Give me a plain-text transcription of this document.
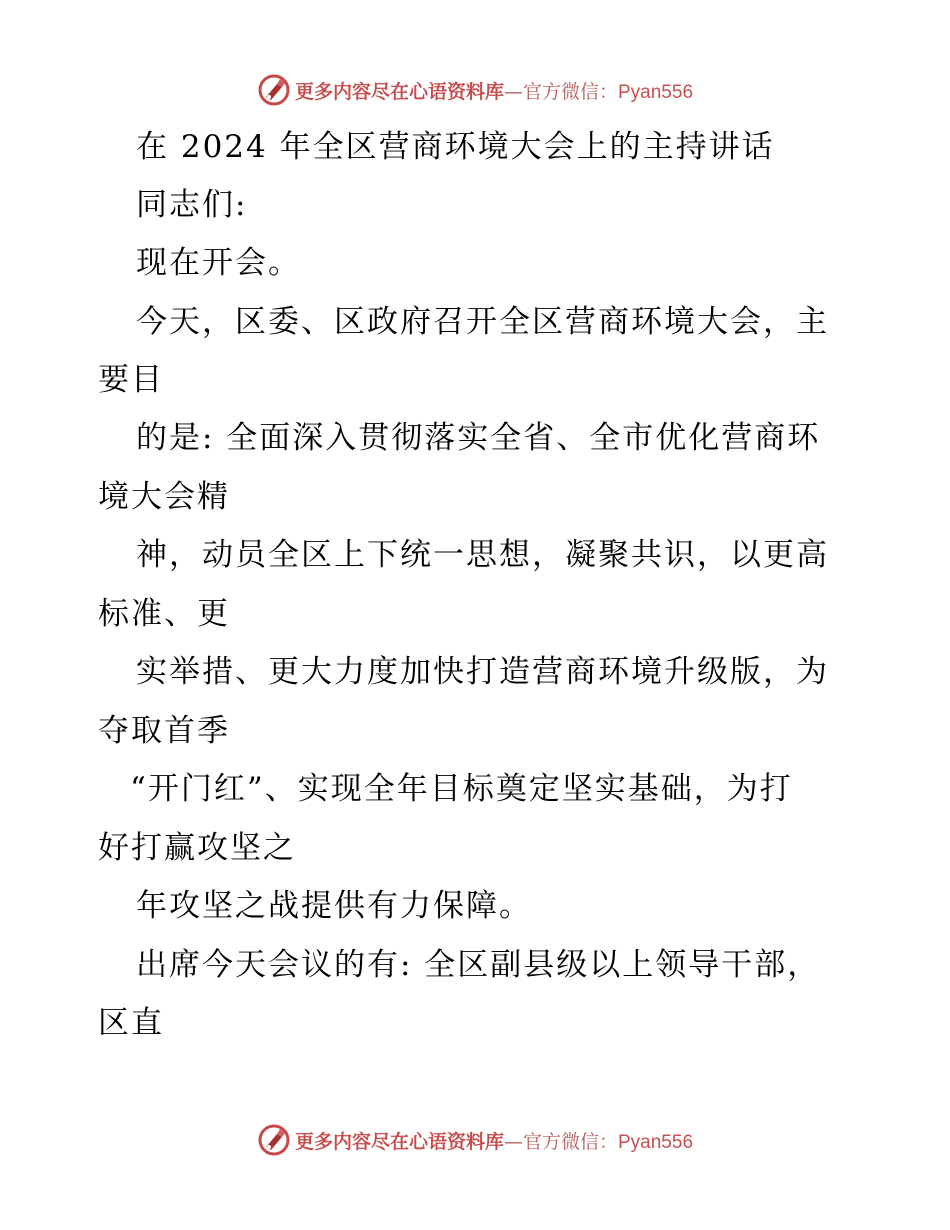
更多内容尽在心语资料库 — 官方微信： Pyan556
在 2024 年全区营商环境大会上的主持讲话
同志们:
现在开会。
今天，区委、区政府召开全区营商环境大会，主
要目
的是: 全面深入贯彻落实全省、全市优化营商环
境大会精
神，动员全区上下统一思想，凝聚共识，以更高
标准、更
实举措、更大力度加快打造营商环境升级版，为
夺取首季
“开门红”、实现全年目标奠定坚实基础，为打
好打赢攻坚之
年攻坚之战提供有力保障。
出席今天会议的有: 全区副县级以上领导干部，
区直
更多内容尽在心语资料库 — 官方微信： Pyan556
